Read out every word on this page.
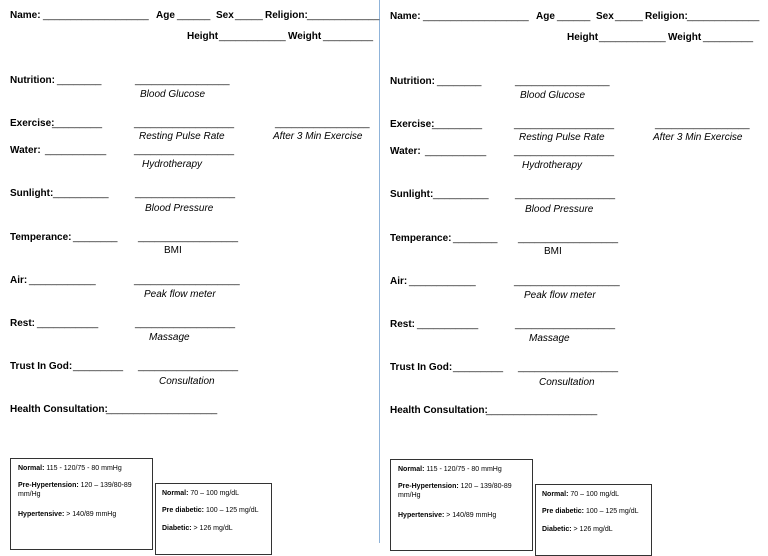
Name: ___________________ Age ______ Sex _____ Religion: _____________
Height ____________ Weight _________
Nutrition: ________	_________________
Blood Glucose
Exercise:
_________	__________________
Resting Pulse Rate
_________________
After 3 Min Exercise
Water: ___________	__________________
Hydrotherapy
Sunlight: __________	__________________
Blood Pressure
Temperance: ________ __________________
BMI
Air: ____________	___________________
Peak flow meter
Rest: ___________	__________________
Massage
Trust In God: _________ __________________
Consultation
Health Consultation:
____________________
Normal: 115 - 120/75 - 80 mmHg
Pre-Hypertension: 120 – 139/80-89 mm/Hg
Hypertensive: > 140/89 mmHg
Normal: 70 – 100 mg/dL
Pre diabetic: 100 – 125 mg/dL
Diabetic: > 126 mg/dL
Name: ___________________ Age ______ Sex _____ Religion: _____________
Height ____________ Weight _________
Nutrition: ________	_________________
Blood Glucose
Exercise:
_________	__________________
Resting Pulse Rate
_________________
After 3 Min Exercise
Water: ___________	__________________
Hydrotherapy
Sunlight: __________	__________________
Blood Pressure
Temperance: ________ __________________
BMI
Air: ____________	___________________
Peak flow meter
Rest: ___________	__________________
Massage
Trust In God: _________ __________________
Consultation
Health Consultation:
____________________
Normal: 115 - 120/75 - 80 mmHg
Pre-Hypertension: 120 – 139/80-89 mm/Hg
Hypertensive: > 140/89 mmHg
Normal: 70 – 100 mg/dL
Pre diabetic: 100 – 125 mg/dL
Diabetic: > 126 mg/dL
